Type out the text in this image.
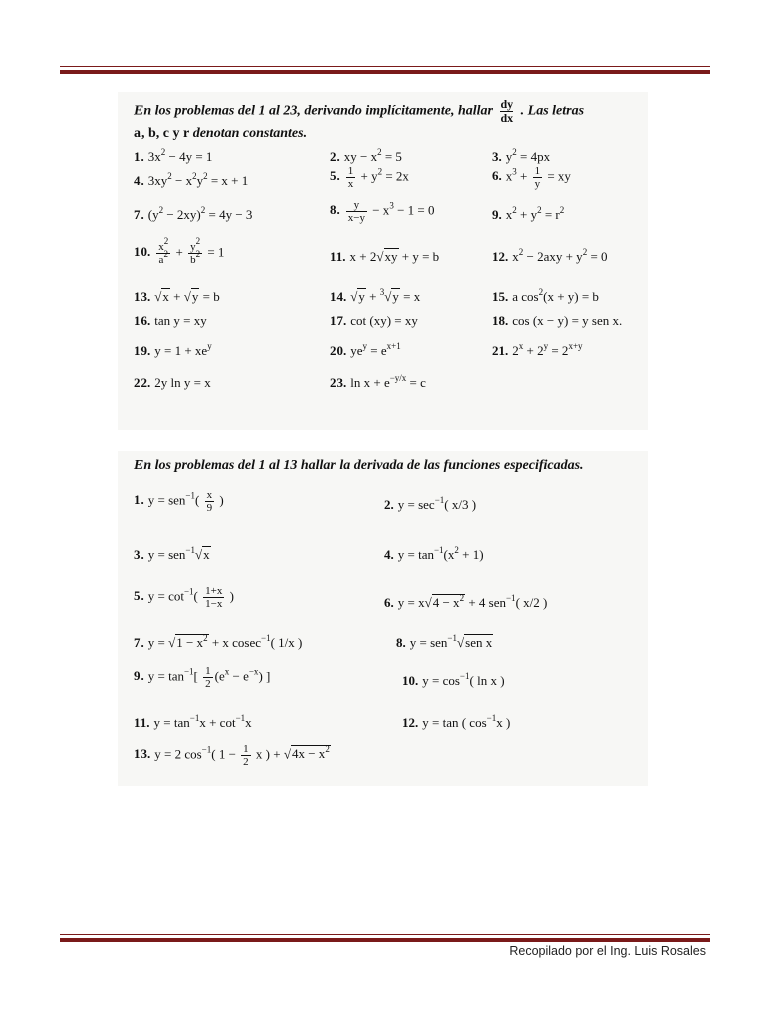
En los problemas del 1 al 23, derivando implícitamente, hallar $\frac{dy}{dx}$ . Las letras
a, b, c y r denotan constantes.
1. $3x^2 - 4y = 1$	2. xy − $x^2 = 5$	3. $y^2 = 4px$
4. $3xy^2 - x^2y^2 = x + 1$	5. $\frac{1}{x} + y^2 = 2x$	6. $x^3 + \frac{1}{y}$ = xy
7. $(y^2 - 2xy)^2 = 4y - 3$	8. $\frac{y}{x-y} - x^3 - 1 = 0$	9. $x^2 + y^2 = r^2$
10. $\frac{x^2}{a^2} + \frac{y^2}{b^2} = 1$	11. x + 2√xy + y = b	12. $x^2 - 2axy + y^2 = 0$
13. √x + √y = b	14. √y + $^3$√y = x	15. a $\cos^2(x + y) = b$
16. tan y = xy	17. cot (xy) = xy	18. cos (x − y) = y sen x.
19. $y = 1 + xe^y$	20. $ye^y = e^{x+1}$	21. $2^x + 2^y = 2^{x+y}$
22. 2y ln y = x	23. $\ln x + e^{-y/x} = c$
En los problemas del 1 al 13 hallar la derivada de las funciones especificadas.
1. $y = sen^{-1}( \frac{x}{9}$ )	2. $y = \sec^{-1}$( x/3 )
3. y = sen$^{-1}$√x	4. $y = \tan^{-1}(x^2 + 1)$
5. $y = \cot^{-1}( \frac{1+x}{1-x}$ )	6. $y = x√4 - x^2 + 4$ sen$^{-1}$( x/2 )
7. $y = √1 - x^2 + x$ cosec$^{-1}$( 1/x )	8. y = sen$^{-1}$√sen x
9. $y = \tan^{-1}[ \frac{1}{2} (e^x - e^{-x})$ ]	10. $y = \cos^{-1}$( ln x )
11. $y = \tan^{-1}x + \cot^{-1}x$	12. y = tan ( $\cos^{-1}x$ )
13. y = 2 $\cos^{-1}$( $1 - \frac{1}{2}$ x ) + $√4x - x^2$
Recopilado por el Ing. Luis Rosales
